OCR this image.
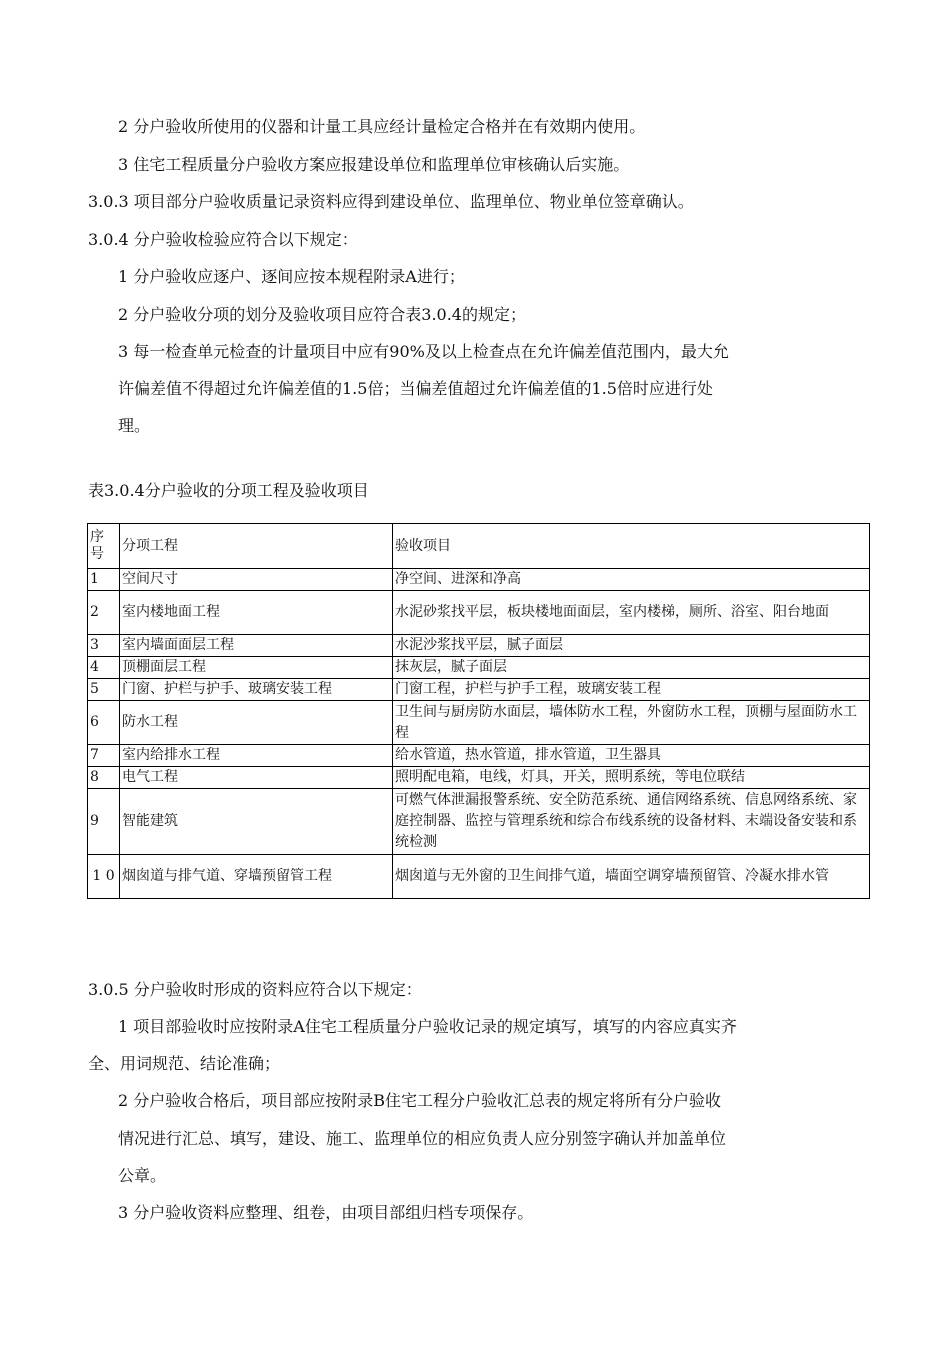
2 分户验收所使用的仪器和计量工具应经计量检定合格并在有效期内使用。

3 住宅工程质量分户验收方案应报建设单位和监理单位审核确认后实施。

3.0.3 项目部分户验收质量记录资料应得到建设单位、监理单位、物业单位签章确认。

3.0.4 分户验收检验应符合以下规定：

1 分户验收应逐户、逐间应按本规程附录A进行；

2 分户验收分项的划分及验收项目应符合表3.0.4的规定；

3 每一检查单元检查的计量项目中应有90%及以上检查点在允许偏差值范围内，最大允

许偏差值不得超过允许偏差值的1.5倍；当偏差值超过允许偏差值的1.5倍时应进行处

理。

表3.0.4分户验收的分项工程及验收项目
序号	分项工程	验收项目
1	空间尺寸	净空间、进深和净高
2	室内楼地面工程	水泥砂浆找平层，板块楼地面面层，室内楼梯，厕所、浴室、阳台地面
3	室内墙面面层工程	水泥沙浆找平层，腻子面层
4	顶棚面层工程	抹灰层，腻子面层
5	门窗、护栏与护手、玻璃安装工程	门窗工程，护栏与护手工程，玻璃安装工程
6	防水工程	卫生间与厨房防水面层，墙体防水工程，外窗防水工程，顶棚与屋面防水工程
7	室内给排水工程	给水管道，热水管道，排水管道，卫生器具
8	电气工程	照明配电箱，电线，灯具，开关，照明系统，等电位联结
9	智能建筑	可燃气体泄漏报警系统、安全防范系统、通信网络系统、信息网络系统、家庭控制器、监控与管理系统和综合布线系统的设备材料、末端设备安装和系统检测
1 0	烟囱道与排气道、穿墙预留管工程	烟囱道与无外窗的卫生间排气道，墙面空调穿墙预留管、冷凝水排水管

3.0.5 分户验收时形成的资料应符合以下规定：

1 项目部验收时应按附录A住宅工程质量分户验收记录的规定填写，填写的内容应真实齐

全、用词规范、结论准确；

2 分户验收合格后，项目部应按附录B住宅工程分户验收汇总表的规定将所有分户验收

情况进行汇总、填写，建设、施工、监理单位的相应负责人应分别签字确认并加盖单位

公章。

3 分户验收资料应整理、组卷，由项目部组归档专项保存。
